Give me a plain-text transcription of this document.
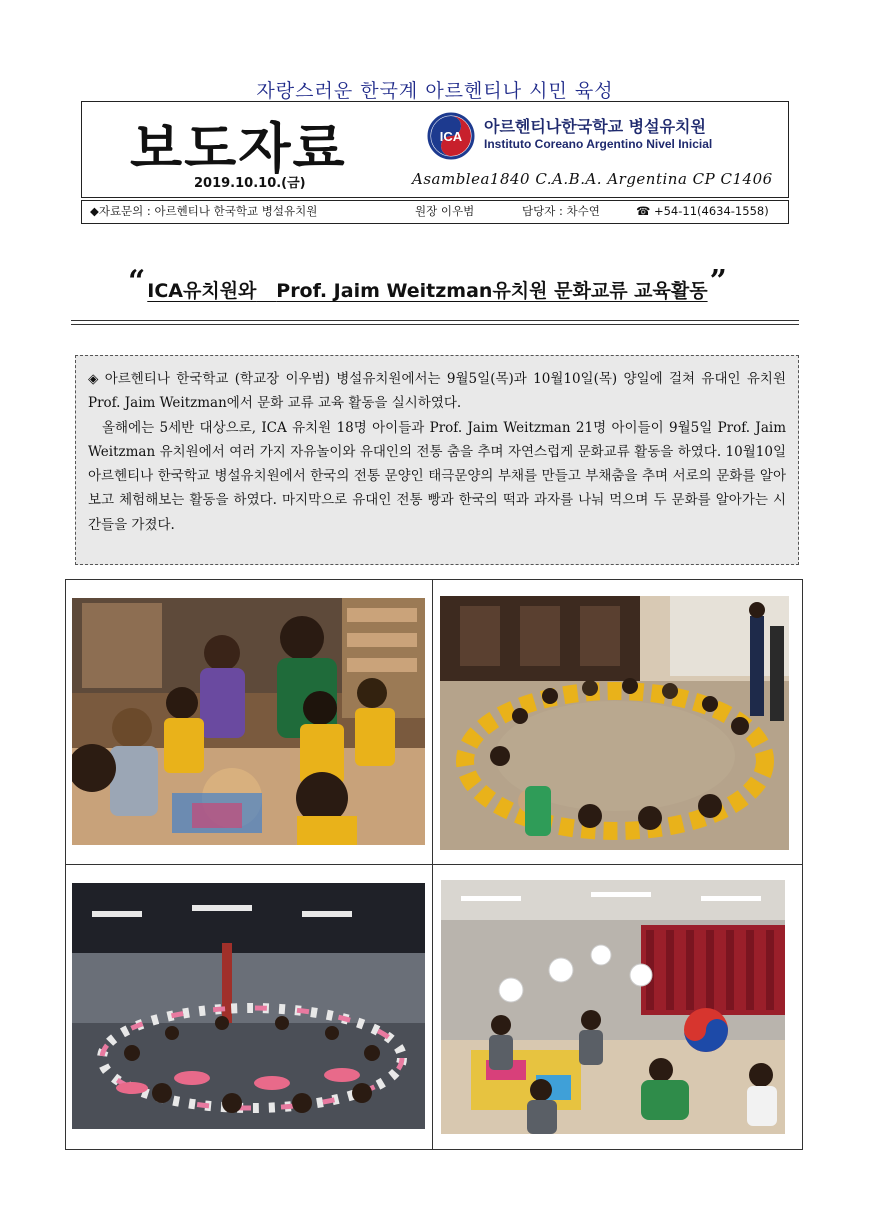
자랑스러운 한국계 아르헨티나 시민 육성
보도자료	ICA
아르헨티나한국학교 병설유치원
Instituto Coreano Argentino Nivel Inicial
2019.10.10.(금)	Asamblea1840 C.A.B.A. Argentina CP C1406
◆자료문의 : 아르헨티나 한국학교 병설유치원	원장 이우범	담당자 : 차수연	☎ +54-11(4634-1558)
“ ICA유치원와 Prof. Jaim Weitzman유치원 문화교류 교육활동”

◈ 아르헨티나 한국학교 (학교장 이우범) 병설유치원에서는 9월5일(목)과 10월10일(목) 양일에 걸쳐 유대인 유치원 Prof. Jaim Weitzman에서 문화 교류 교육 활동을 실시하였다.

올해에는 5세반 대상으로, ICA 유치원 18명 아이들과 Prof. Jaim Weitzman 21명 아이들이 9월5일 Prof. Jaim Weitzman 유치원에서 여러 가지 자유놀이와 유대인의 전통 춤을 추며 자연스럽게 문화교류 활동을 하였다. 10월10일 아르헨티나 한국학교 병설유치원에서 한국의 전통 문양인 태극문양의 부채를 만들고 부채춤을 추며 서로의 문화를 알아보고 체험해보는 활동을 하였다. 마지막으로 유대인 전통 빵과 한국의 떡과 과자를 나눠 먹으며 두 문화를 알아가는 시간들을 가졌다.
